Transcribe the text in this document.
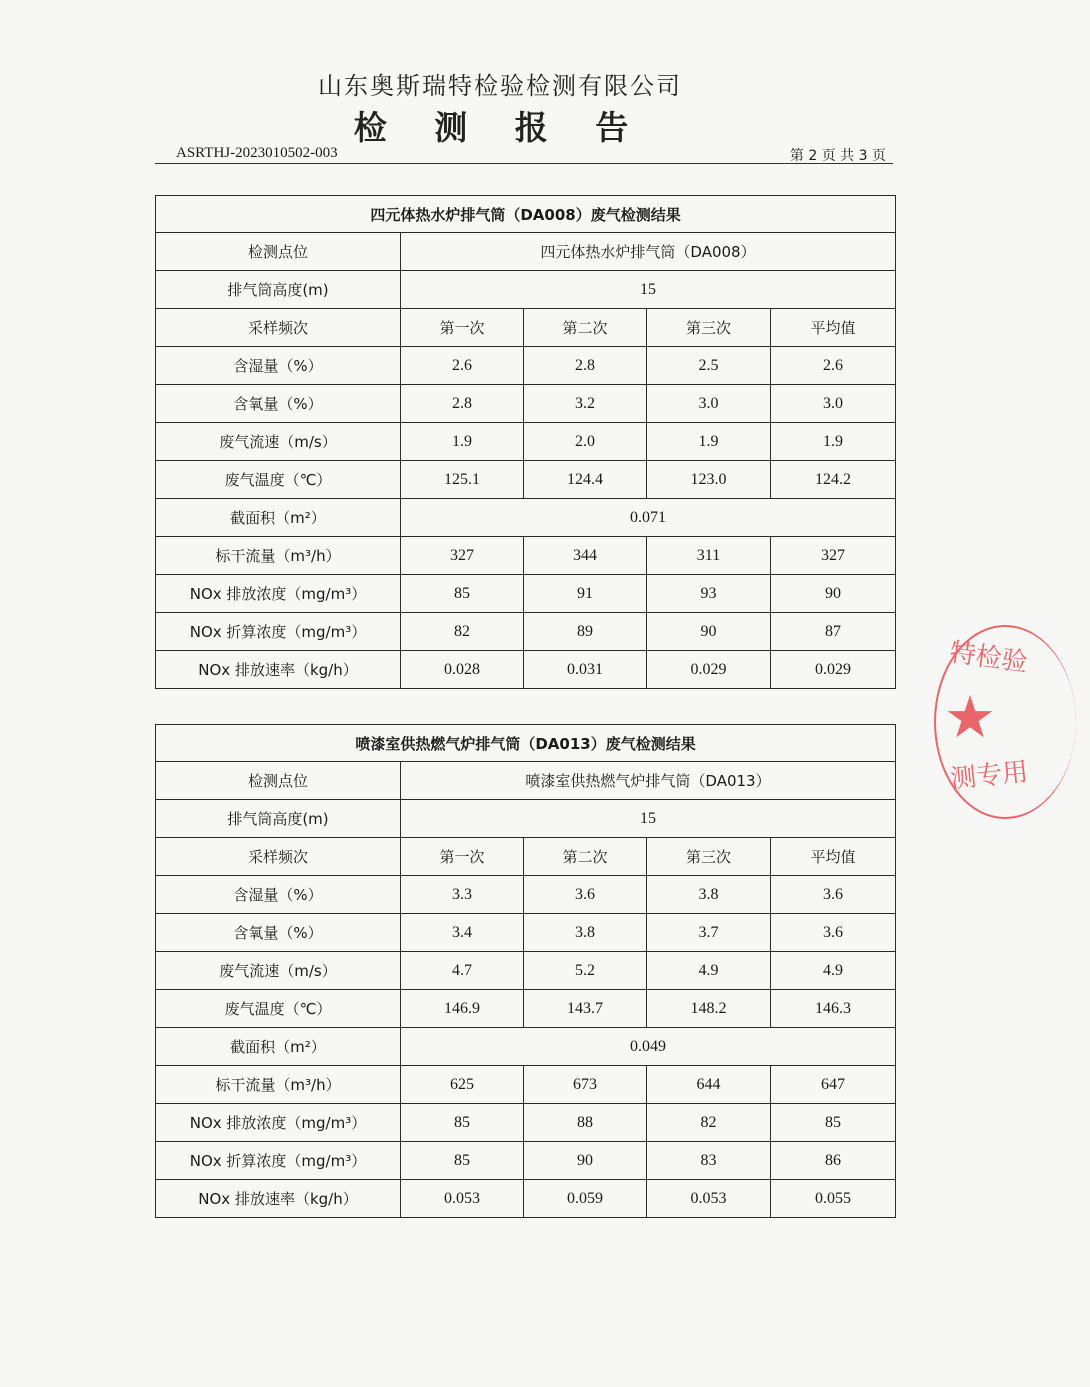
山东奥斯瑞特检验检测有限公司
检 测 报 告
ASRTHJ-2023010502-003	第 2 页 共 3 页
四元体热水炉排气筒（DA008）废气检测结果				
检测点位	四元体热水炉排气筒（DA008）			
排气筒高度(m)	15			
采样频次	第一次	第二次	第三次	平均值
含湿量（%）	2.6	2.8	2.5	2.6
含氧量（%）	2.8	3.2	3.0	3.0
废气流速（m/s）	1.9	2.0	1.9	1.9
废气温度（℃）	125.1	124.4	123.0	124.2
截面积（m²）	0.071			
标干流量（m³/h）	327	344	311	327
NOx 排放浓度（mg/m³）	85	91	93	90
NOx 折算浓度（mg/m³）	82	89	90	87
NOx 排放速率（kg/h）	0.028	0.031	0.029	0.029
喷漆室供热燃气炉排气筒（DA013）废气检测结果				
检测点位	喷漆室供热燃气炉排气筒（DA013）			
排气筒高度(m)	15			
采样频次	第一次	第二次	第三次	平均值
含湿量（%）	3.3	3.6	3.8	3.6
含氧量（%）	3.4	3.8	3.7	3.6
废气流速（m/s）	4.7	5.2	4.9	4.9
废气温度（℃）	146.9	143.7	148.2	146.3
截面积（m²）	0.049			
标干流量（m³/h）	625	673	644	647
NOx 排放浓度（mg/m³）	85	88	82	85
NOx 折算浓度（mg/m³）	85	90	83	86
NOx 排放速率（kg/h）	0.053	0.059	0.053	0.055
特检验
★
测专用
